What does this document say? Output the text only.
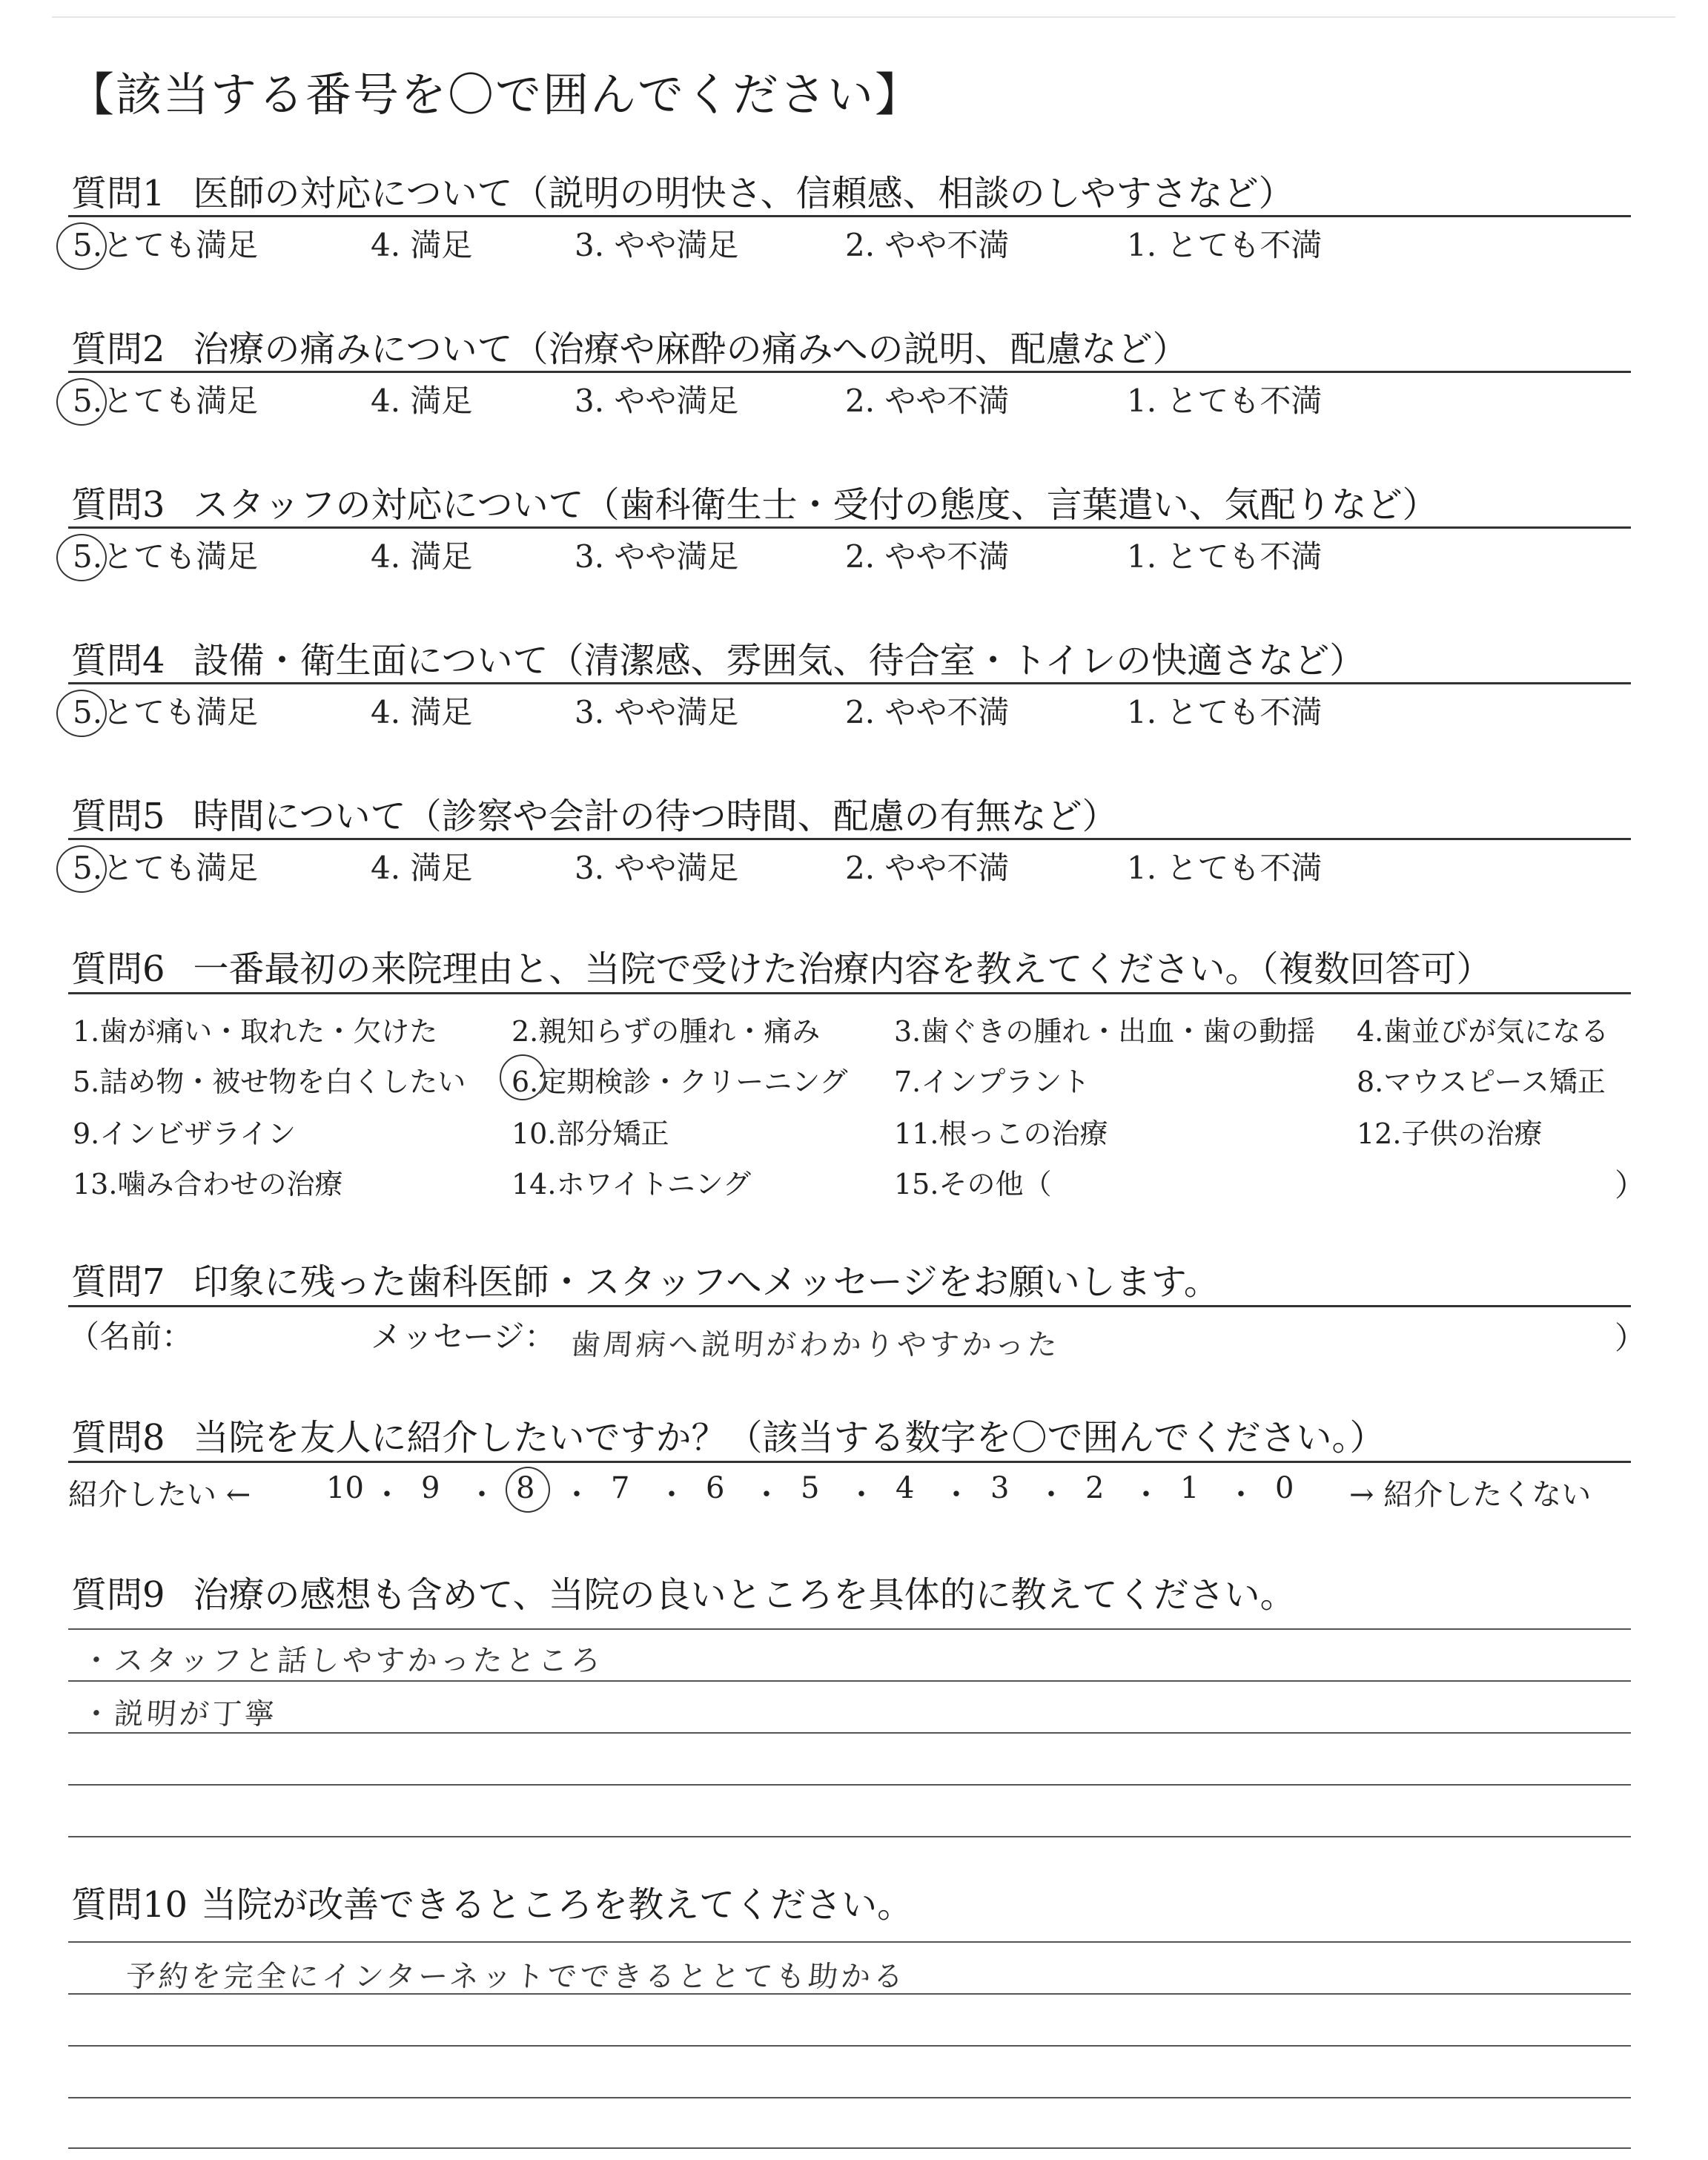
【該当する番号を〇で囲んでください】
質問1 医師の対応について（説明の明快さ、信頼感、相談のしやすさなど）
5.とても満足	4. 満足	3. やや満足	2. やや不満	1. とても不満
質問2 治療の痛みについて（治療や麻酔の痛みへの説明、配慮など）
5.とても満足	4. 満足	3. やや満足	2. やや不満	1. とても不満
質問3 スタッフの対応について（歯科衛生士・受付の態度、言葉遣い、気配りなど）
5.とても満足	4. 満足	3. やや満足	2. やや不満	1. とても不満
質問4 設備・衛生面について（清潔感、雰囲気、待合室・トイレの快適さなど）
5.とても満足	4. 満足	3. やや満足	2. やや不満	1. とても不満
質問5 時間について（診察や会計の待つ時間、配慮の有無など）
5.とても満足	4. 満足	3. やや満足	2. やや不満	1. とても不満
質問6 一番最初の来院理由と、当院で受けた治療内容を教えてください。（複数回答可）
1.歯が痛い・取れた・欠けた	2.親知らずの腫れ・痛み	3.歯ぐきの腫れ・出血・歯の動揺 4.歯並びが気になる
5.詰め物・被せ物を白くしたい 6.定期検診・クリーニング 7.インプラント	8.マウスピース矯正
9.インビザライン	10.部分矯正	11.根っこの治療	12.子供の治療
13.噛み合わせの治療	14.ホワイトニング	15.その他（	）
質問7 印象に残った歯科医師・スタッフへメッセージをお願いします。
（名前：	メッセージ： 歯周病へ説明がわかりやすかった	）
質問8 当院を友人に紹介したいですか？（該当する数字を〇で囲んでください。）
紹介したい ←	10 ・ 9 ・ 8 ・ 7 ・ 6 ・ 5 ・ 4 ・ 3 ・ 2 ・ 1 ・ 0 → 紹介したくない
質問9 治療の感想も含めて、当院の良いところを具体的に教えてください。
・スタッフと話しやすかったところ
・説明が丁寧
質問10 当院が改善できるところを教えてください。
予約を完全にインターネットでできるととても助かる
